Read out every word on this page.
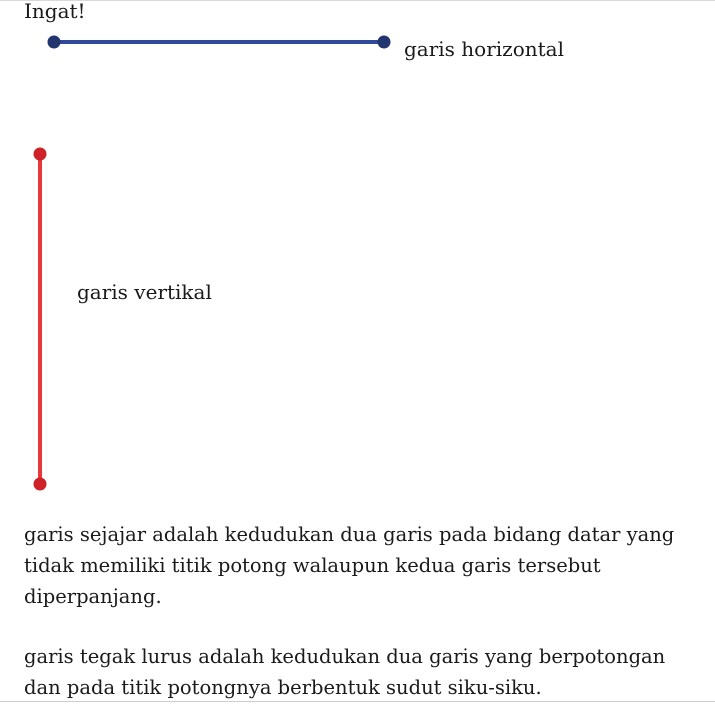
Ingat!
garis horizontal
garis vertikal

garis sejajar adalah kedudukan dua garis pada bidang datar yang tidak memiliki titik potong walaupun kedua garis tersebut diperpanjang.

garis tegak lurus adalah kedudukan dua garis yang berpotongan dan pada titik potongnya berbentuk sudut siku-siku.
